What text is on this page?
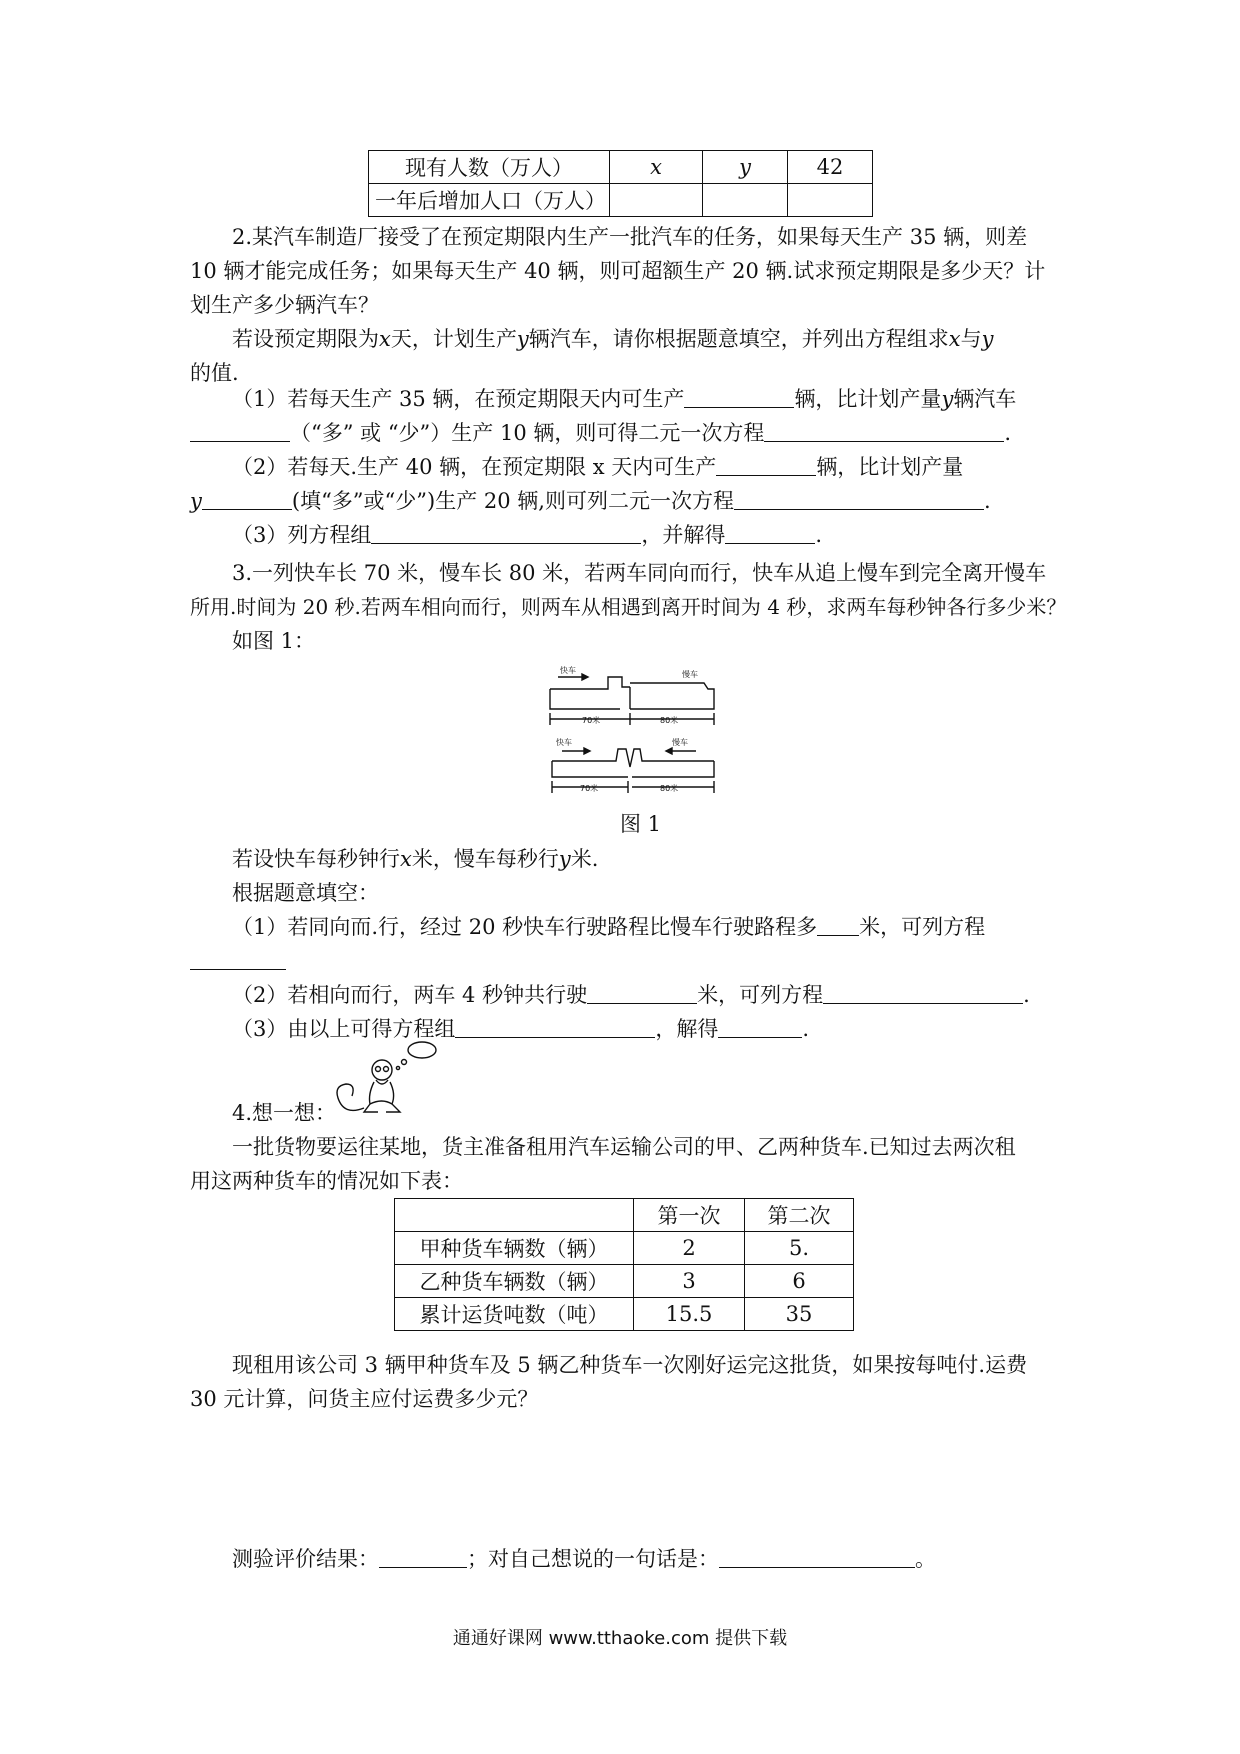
现有人数（万人）	x	y	42
一年后增加人口（万人）			

2.某汽车制造厂接受了在预定期限内生产一批汽车的任务，如果每天生产 35 辆，则差

10 辆才能完成任务；如果每天生产 40 辆，则可超额生产 20 辆.试求预定期限是多少天？计

划生产多少辆汽车？

若设预定期限为x天，计划生产y辆汽车，请你根据题意填空，并列出方程组求x与y

的值.

（1）若每天生产 35 辆，在预定期限天内可生产	辆，比计划产量y辆汽车

（“多” 或 “少”）生产 10 辆，则可得二元一次方程	.

（2）若每天.生产 40 辆，在预定期限 x 天内可生产	辆，比计划产量

y	(填“多”或“少”)生产 20 辆,则可列二元一次方程	.

（3）列方程组	，并解得	.

3.一列快车长 70 米，慢车长 80 米，若两车同向而行，快车从追上慢车到完全离开慢车

所用.时间为 20 秒.若两车相向而行，则两车从相遇到离开时间为 4 秒，求两车每秒钟各行多少米？

如图 1：

快车	慢车
70米	80米
快车	慢车
70米	80米
图 1

若设快车每秒钟行x米，慢车每秒行y米.

根据题意填空：

（1）若同向而.行，经过 20 秒快车行驶路程比慢车行驶路程多 米，可列方程

（2）若相向而行，两车 4 秒钟共行驶	米，可列方程	.

（3）由以上可得方程组	，解得	.

4.想一想：

一批货物要运往某地，货主准备租用汽车运输公司的甲、乙两种货车.已知过去两次租

用这两种货车的情况如下表：

	第一次	第二次
甲种货车辆数（辆）	2	5.
乙种货车辆数（辆）	3	6
累计运货吨数（吨）	15.5	35

现租用该公司 3 辆甲种货车及 5 辆乙种货车一次刚好运完这批货，如果按每吨付.运费

30 元计算，问货主应付运费多少元？

测验评价结果：	；对自己想说的一句话是：	。

通通好课网 www.tthaoke.com 提供下载
